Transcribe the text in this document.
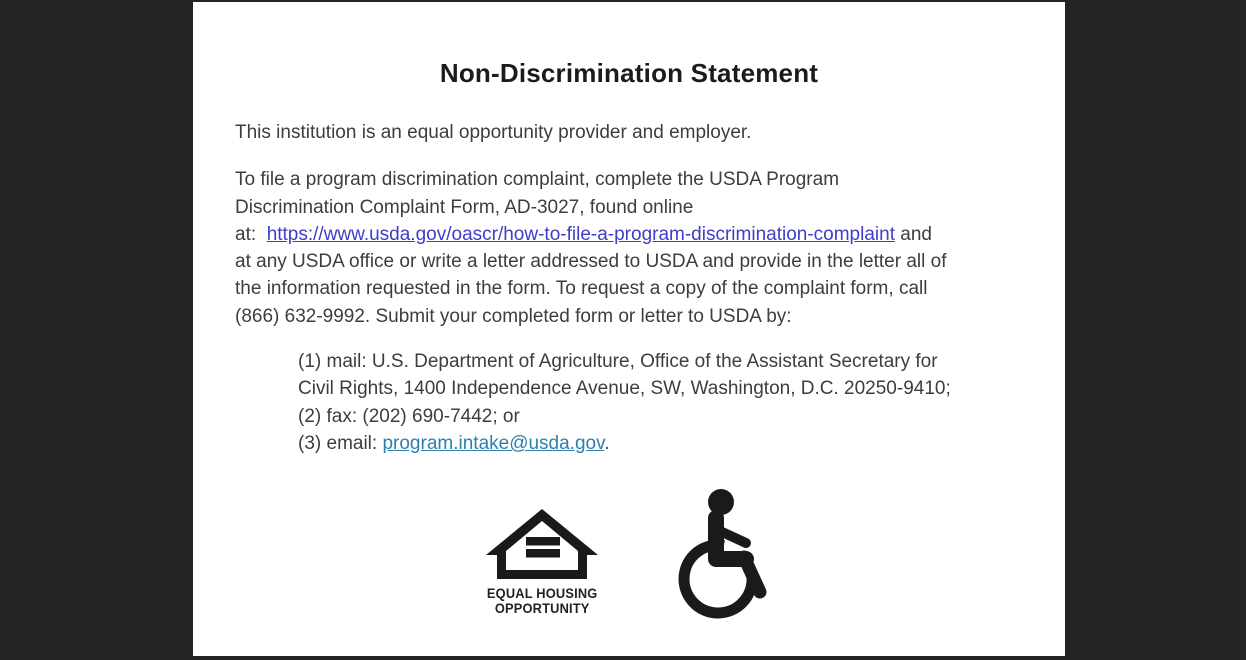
Non-Discrimination Statement
This institution is an equal opportunity provider and employer.
To file a program discrimination complaint, complete the USDA Program
Discrimination Complaint Form, AD-3027, found online
at:  https://www.usda.gov/oascr/how-to-file-a-program-discrimination-complaint and
at any USDA office or write a letter addressed to USDA and provide in the letter all of
the information requested in the form. To request a copy of the complaint form, call
(866) 632-9992. Submit your completed form or letter to USDA by:
(1) mail: U.S. Department of Agriculture, Office of the Assistant Secretary for
Civil Rights, 1400 Independence Avenue, SW, Washington, D.C. 20250-9410;
(2) fax: (202) 690-7442; or
(3) email: program.intake@usda.gov.
EQUAL HOUSING
OPPORTUNITY
